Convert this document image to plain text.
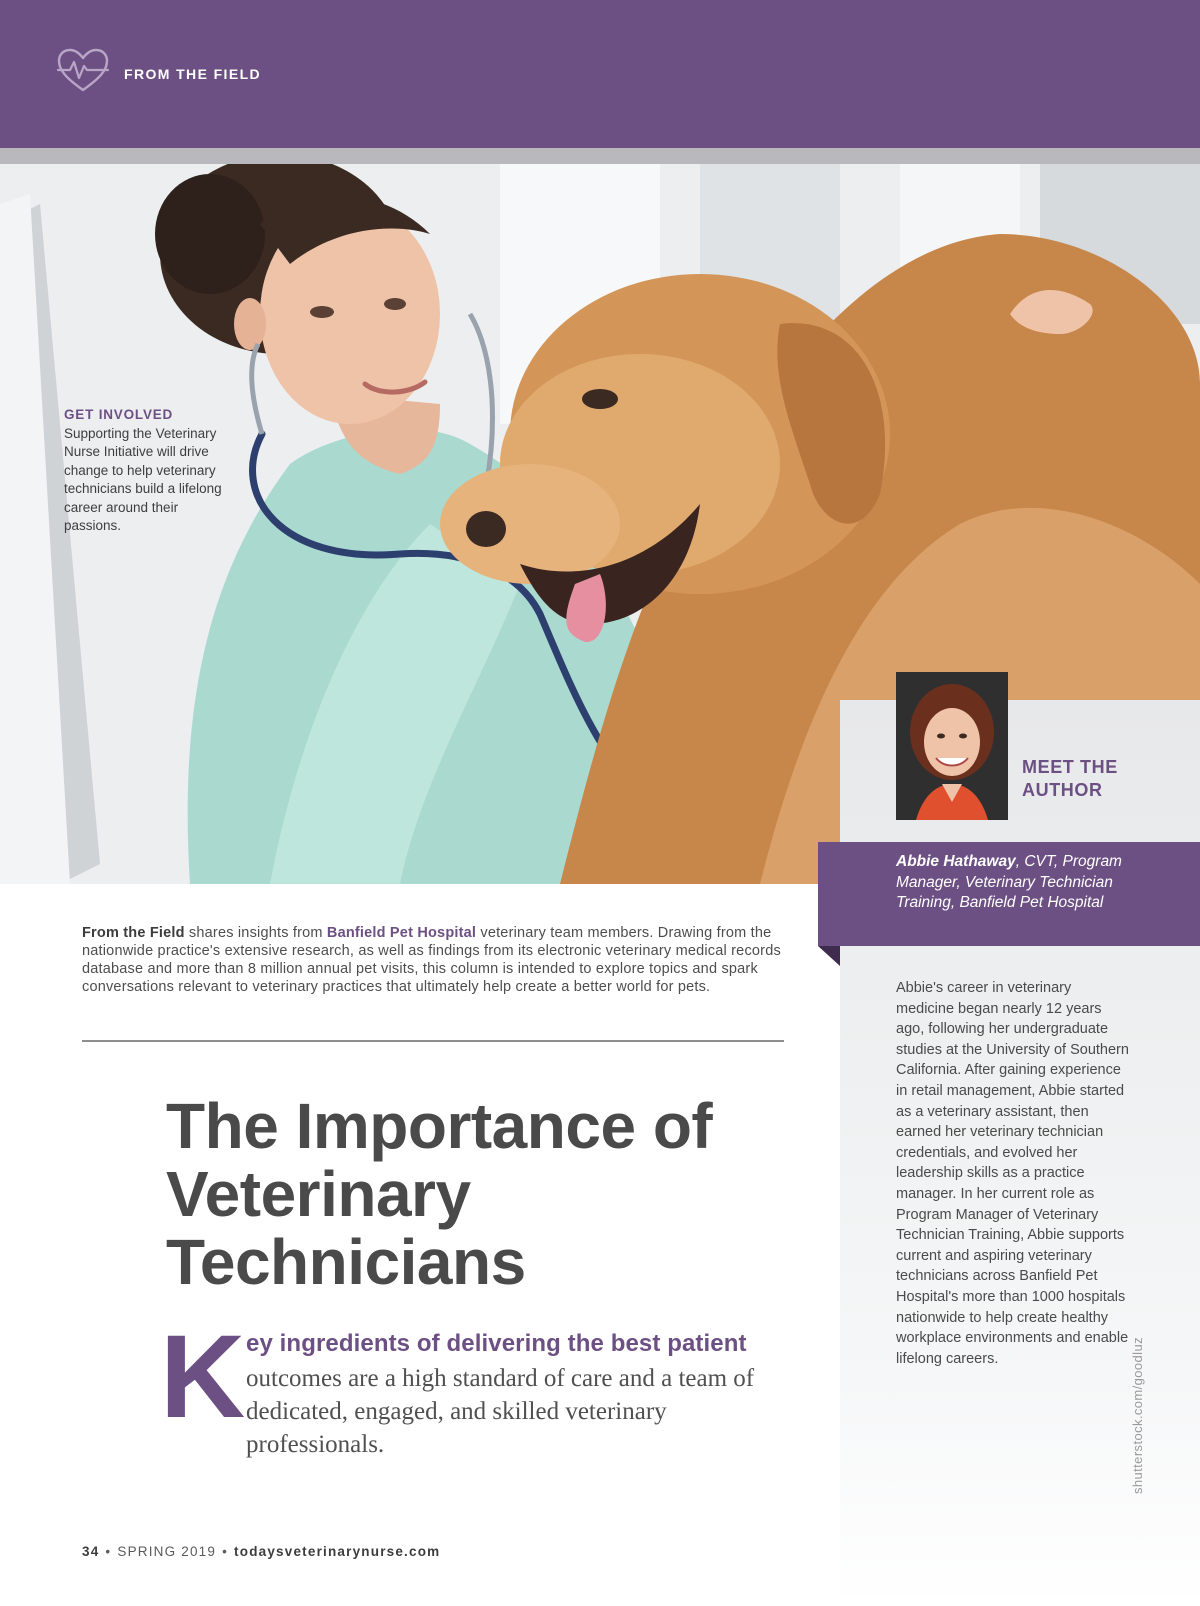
FROM THE FIELD
GET INVOLVED
Supporting the Veterinary Nurse Initiative will drive change to help veterinary technicians build a lifelong career around their passions.
MEET THE AUTHOR
Abbie Hathaway, CVT, Program Manager, Veterinary Technician Training, Banfield Pet Hospital
Abbie's career in veterinary medicine began nearly 12 years ago, following her undergraduate studies at the University of Southern California. After gaining experience in retail management, Abbie started as a veterinary assistant, then earned her veterinary technician credentials, and evolved her leadership skills as a practice manager. In her current role as Program Manager of Veterinary Technician Training, Abbie supports current and aspiring veterinary technicians across Banfield Pet Hospital's more than 1000 hospitals nationwide to help create healthy workplace environments and enable lifelong careers.	shutterstock.com/goodluz
From the Field shares insights from Banfield Pet Hospital veterinary team members. Drawing from the nationwide practice's extensive research, as well as findings from its electronic veterinary medical records database and more than 8 million annual pet visits, this column is intended to explore topics and spark conversations relevant to veterinary practices that ultimately help create a better world for pets.
The Importance of Veterinary Technicians
K ey ingredients of delivering the best patient
outcomes are a high standard of care and a team of dedicated, engaged, and skilled veterinary professionals.
34 • SPRING 2019 • todaysveterinarynurse.com
